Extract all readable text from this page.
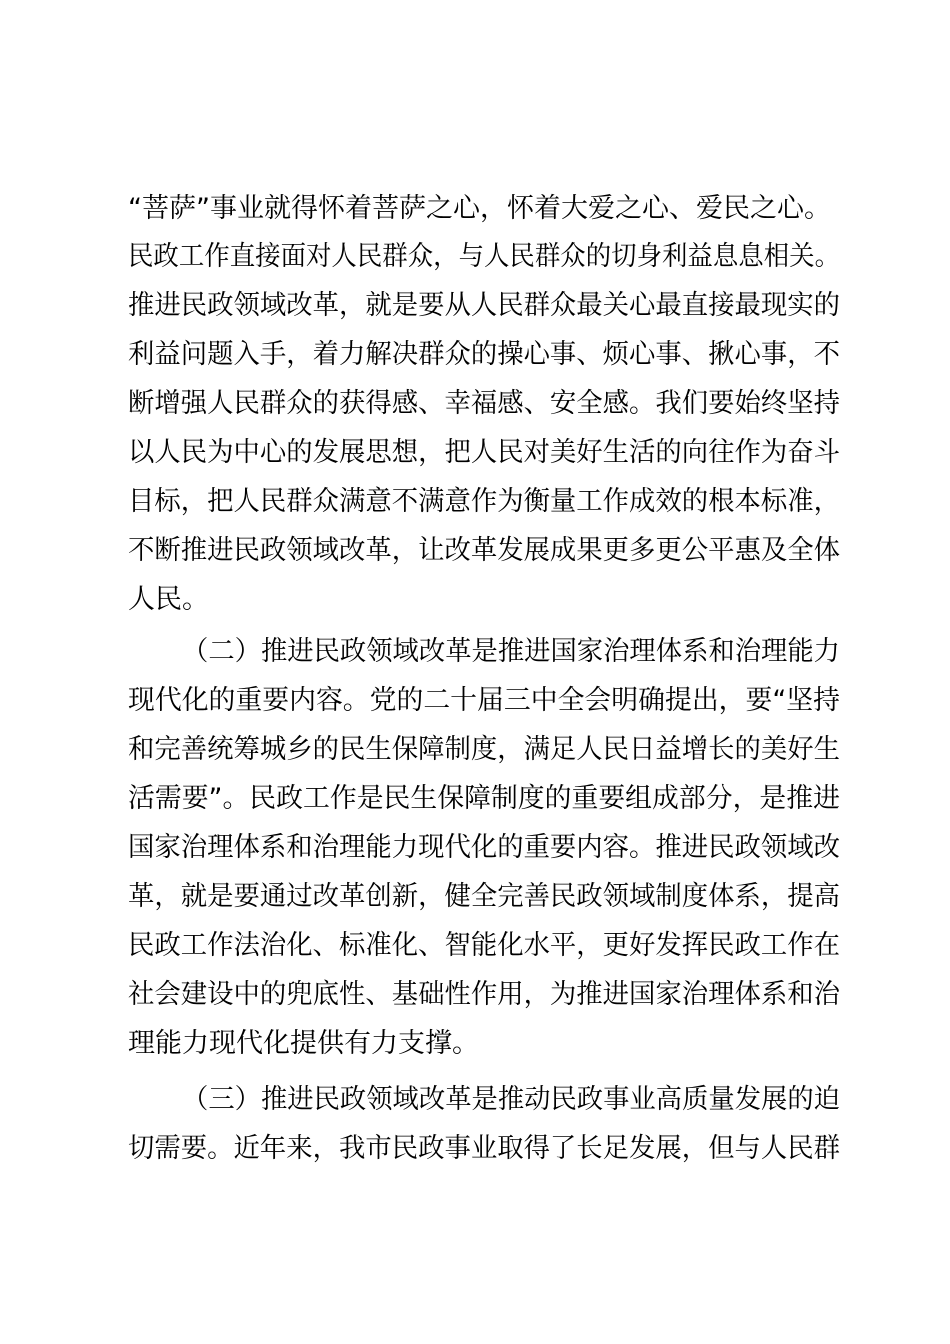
“菩萨”事业就得怀着菩萨之心，怀着大爱之心、爱民之心。
民政工作直接面对人民群众，与人民群众的切身利益息息相关。
推进民政领域改革，就是要从人民群众最关心最直接最现实的
利益问题入手，着力解决群众的操心事、烦心事、揪心事，不
断增强人民群众的获得感、幸福感、安全感。我们要始终坚持
以人民为中心的发展思想，把人民对美好生活的向往作为奋斗
目标，把人民群众满意不满意作为衡量工作成效的根本标准，
不断推进民政领域改革，让改革发展成果更多更公平惠及全体
人民。
（二）推进民政领域改革是推进国家治理体系和治理能力
现代化的重要内容。党的二十届三中全会明确提出，要“坚持
和完善统筹城乡的民生保障制度，满足人民日益增长的美好生
活需要”。民政工作是民生保障制度的重要组成部分，是推进
国家治理体系和治理能力现代化的重要内容。推进民政领域改
革，就是要通过改革创新，健全完善民政领域制度体系，提高
民政工作法治化、标准化、智能化水平，更好发挥民政工作在
社会建设中的兜底性、基础性作用，为推进国家治理体系和治
理能力现代化提供有力支撑。
（三）推进民政领域改革是推动民政事业高质量发展的迫
切需要。近年来，我市民政事业取得了长足发展，但与人民群
